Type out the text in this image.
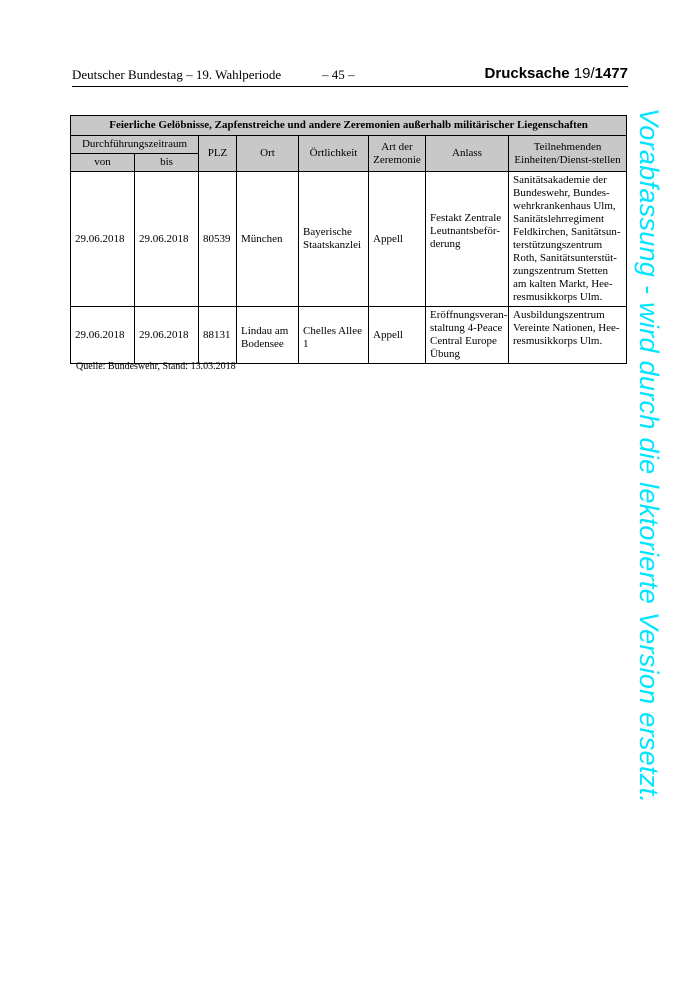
Deutscher Bundestag – 19. Wahlperiode	– 45 –	Drucksache 19/1477
Feierliche Gelöbnisse, Zapfenstreiche und andere Zeremonien außerhalb militärischer Liegenschaften							
Durchführungszeitraum		PLZ	Ort	Örtlichkeit	Art der Zeremonie	Anlass	Teilnehmenden Einheiten/Dienst-stellen
von	bis						
29.06.2018	29.06.2018	80539	München	Bayerische Staatskanzlei	Appell	Festakt Zentrale Leutnantsbeför-derung	Sanitätsakademie der Bundeswehr, Bundes-wehrkrankenhaus Ulm, Sanitätslehrregiment Feldkirchen, Sanitätsun-terstützungszentrum Roth, Sanitätsunterstüt-zungszentrum Stetten am kalten Markt, Hee-resmusikkorps Ulm.
29.06.2018	29.06.2018	88131	Lindau am Bodensee	Chelles Allee 1	Appell	Eröffnungsveran-staltung 4-Peace Central Europe Übung	Ausbildungszentrum Vereinte Nationen, Hee-resmusikkorps Ulm.
Quelle: Bundeswehr, Stand: 13.03.2018	Vorabfassung - wird durch die lektorierte Version ersetzt.
